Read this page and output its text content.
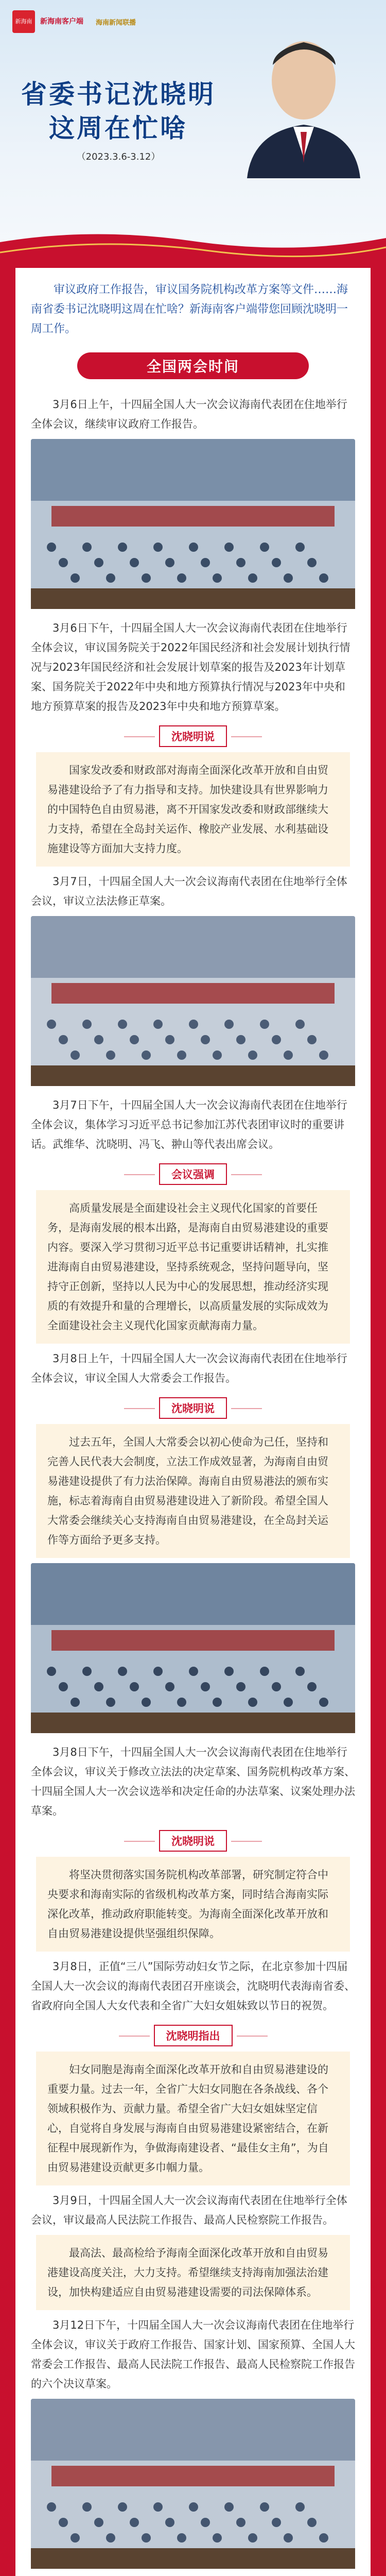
新海南	新海南客户端 海南新闻联播
省委书记沈晓明
这周在忙啥
（2023.3.6-3.12）
审议政府工作报告，审议国务院机构改革方案等文件……海南省委书记沈晓明这周在忙啥？新海南客户端带您回顾沈晓明一周工作。
全国两会时间
3月6日上午，十四届全国人大一次会议海南代表团在住地举行全体会议，继续审议政府工作报告。
3月6日下午，十四届全国人大一次会议海南代表团在住地举行全体会议，审议国务院关于2022年国民经济和社会发展计划执行情况与2023年国民经济和社会发展计划草案的报告及2023年计划草案、国务院关于2022年中央和地方预算执行情况与2023年中央和地方预算草案的报告及2023年中央和地方预算草案。
沈晓明说
国家发改委和财政部对海南全面深化改革开放和自由贸易港建设给予了有力指导和支持。加快建设具有世界影响力的中国特色自由贸易港，离不开国家发改委和财政部继续大力支持，希望在全岛封关运作、橡胶产业发展、水利基础设施建设等方面加大支持力度。
3月7日，十四届全国人大一次会议海南代表团在住地举行全体会议，审议立法法修正草案。
3月7日下午，十四届全国人大一次会议海南代表团在住地举行全体会议，集体学习习近平总书记参加江苏代表团审议时的重要讲话。武维华、沈晓明、冯飞、翀山等代表出席会议。
会议强调
高质量发展是全面建设社会主义现代化国家的首要任务，是海南发展的根本出路，是海南自由贸易港建设的重要内容。要深入学习贯彻习近平总书记重要讲话精神，扎实推进海南自由贸易港建设，坚持系统观念，坚持问题导向，坚持守正创新，坚持以人民为中心的发展思想，推动经济实现质的有效提升和量的合理增长，以高质量发展的实际成效为全面建设社会主义现代化国家贡献海南力量。
3月8日上午，十四届全国人大一次会议海南代表团在住地举行全体会议，审议全国人大常委会工作报告。
沈晓明说
过去五年，全国人大常委会以初心使命为己任，坚持和完善人民代表大会制度，立法工作成效显著，为海南自由贸易港建设提供了有力法治保障。海南自由贸易港法的颁布实施，标志着海南自由贸易港建设进入了新阶段。希望全国人大常委会继续关心支持海南自由贸易港建设，在全岛封关运作等方面给予更多支持。
3月8日下午，十四届全国人大一次会议海南代表团在住地举行全体会议，审议关于修改立法法的决定草案、国务院机构改革方案、十四届全国人大一次会议选举和决定任命的办法草案、议案处理办法草案。
沈晓明说
将坚决贯彻落实国务院机构改革部署，研究制定符合中央要求和海南实际的省级机构改革方案，同时结合海南实际深化改革，推动政府职能转变。为海南全面深化改革开放和自由贸易港建设提供坚强组织保障。
3月8日，正值“三八”国际劳动妇女节之际，在北京参加十四届全国人大一次会议的海南代表团召开座谈会，沈晓明代表海南省委、省政府向全国人大女代表和全省广大妇女姐妹致以节日的祝贺。
沈晓明指出
妇女同胞是海南全面深化改革开放和自由贸易港建设的重要力量。过去一年，全省广大妇女同胞在各条战线、各个领域积极作为、贡献力量。希望全省广大妇女姐妹坚定信心，自觉将自身发展与海南自由贸易港建设紧密结合，在新征程中展现新作为，争做海南建设者、“最佳女主角”，为自由贸易港建设贡献更多巾帼力量。
3月9日，十四届全国人大一次会议海南代表团在住地举行全体会议，审议最高人民法院工作报告、最高人民检察院工作报告。
最高法、最高检给予海南全面深化改革开放和自由贸易港建设高度关注，大力支持。希望继续支持海南加强法治建设，加快构建适应自由贸易港建设需要的司法保障体系。
3月12日下午，十四届全国人大一次会议海南代表团在住地举行全体会议，审议关于政府工作报告、国家计划、国家预算、全国人大常委会工作报告、最高人民法院工作报告、最高人民检察院工作报告的六个决议草案。
